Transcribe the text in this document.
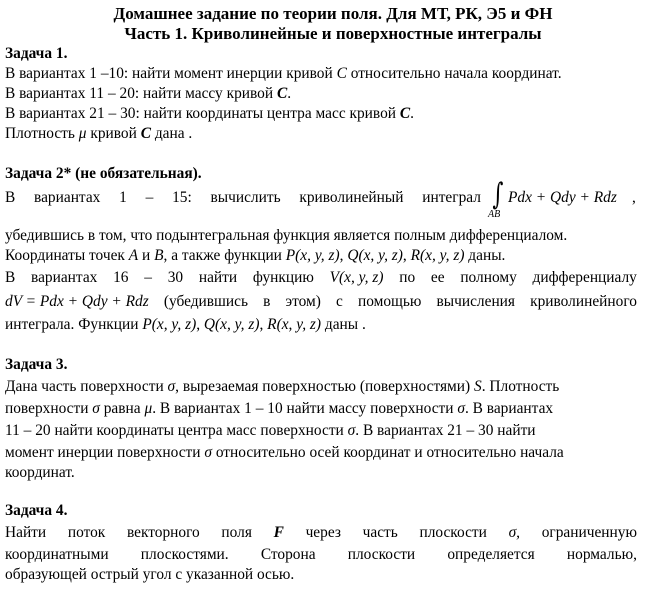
Домашнее задание по теории поля. Для МТ, РК, Э5 и ФН
Часть 1. Криволинейные и поверхностные интегралы
Задача 1.
В вариантах 1 –10: найти момент инерции кривой C относительно начала координат.
В вариантах 11 – 20: найти массу кривой C.
В вариантах 21 – 30: найти координаты центра масс кривой C.
Плотность μ кривой C дана .
Задача 2* (не обязательная).
В вариантах 1 – 15: вычислить криволинейный интеграл ∫
AB
Pdx + Qdy + Rdz ,
убедившись в том, что подынтегральная функция является полным дифференциалом.
Координаты точек A и B, а также функции P(x, y, z), Q(x, y, z), R(x, y, z) даны.
В вариантах 16 – 30 найти функцию V(x, y, z) по ее полному дифференциалу
dV = Pdx + Qdy + Rdz (убедившись в этом) с помощью вычисления криволинейного
интеграла. Функции P(x, y, z), Q(x, y, z), R(x, y, z) даны .
Задача 3.
Дана часть поверхности σ, вырезаемая поверхностью (поверхностями) S. Плотность
поверхности σ равна μ. В вариантах 1 – 10 найти массу поверхности σ. В вариантах
11 – 20 найти координаты центра масс поверхности σ. В вариантах 21 – 30 найти
момент инерции поверхности σ относительно осей координат и относительно начала
координат.
Задача 4.
Найти поток векторного поля F через часть плоскости σ, ограниченную
координатными плоскостями. Сторона плоскости определяется нормалью,
образующей острый угол с указанной осью.
